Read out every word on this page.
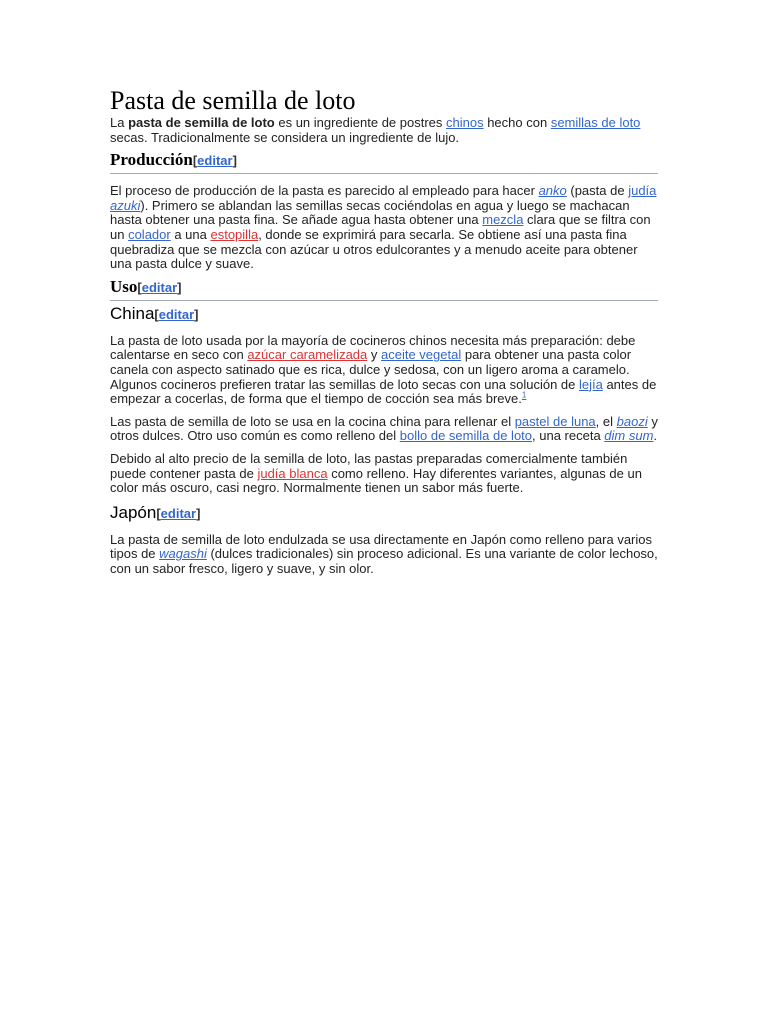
Pasta de semilla de loto

La pasta de semilla de loto es un ingrediente de postres chinos hecho con semillas de loto secas. Tradicionalmente se considera un ingrediente de lujo.

Producción[editar]

El proceso de producción de la pasta es parecido al empleado para hacer anko (pasta de judía azuki). Primero se ablandan las semillas secas cociéndolas en agua y luego se machacan hasta obtener una pasta fina. Se añade agua hasta obtener una mezcla clara que se filtra con un colador a una estopilla, donde se exprimirá para secarla. Se obtiene así una pasta fina quebradiza que se mezcla con azúcar u otros edulcorantes y a menudo aceite para obtener una pasta dulce y suave.

Uso[editar]
China[editar]

La pasta de loto usada por la mayoría de cocineros chinos necesita más preparación: debe calentarse en seco con azúcar caramelizada y aceite vegetal para obtener una pasta color canela con aspecto satinado que es rica, dulce y sedosa, con un ligero aroma a caramelo. Algunos cocineros prefieren tratar las semillas de loto secas con una solución de lejía antes de empezar a cocerlas, de forma que el tiempo de cocción sea más breve.$^1$

Las pasta de semilla de loto se usa en la cocina china para rellenar el pastel de luna, el baozi y otros dulces. Otro uso común es como relleno del bollo de semilla de loto, una receta dim sum.

Debido al alto precio de la semilla de loto, las pastas preparadas comercialmente también puede contener pasta de judía blanca como relleno. Hay diferentes variantes, algunas de un color más oscuro, casi negro. Normalmente tienen un sabor más fuerte.

Japón[editar]

La pasta de semilla de loto endulzada se usa directamente en Japón como relleno para varios tipos de wagashi (dulces tradicionales) sin proceso adicional. Es una variante de color lechoso, con un sabor fresco, ligero y suave, y sin olor.
